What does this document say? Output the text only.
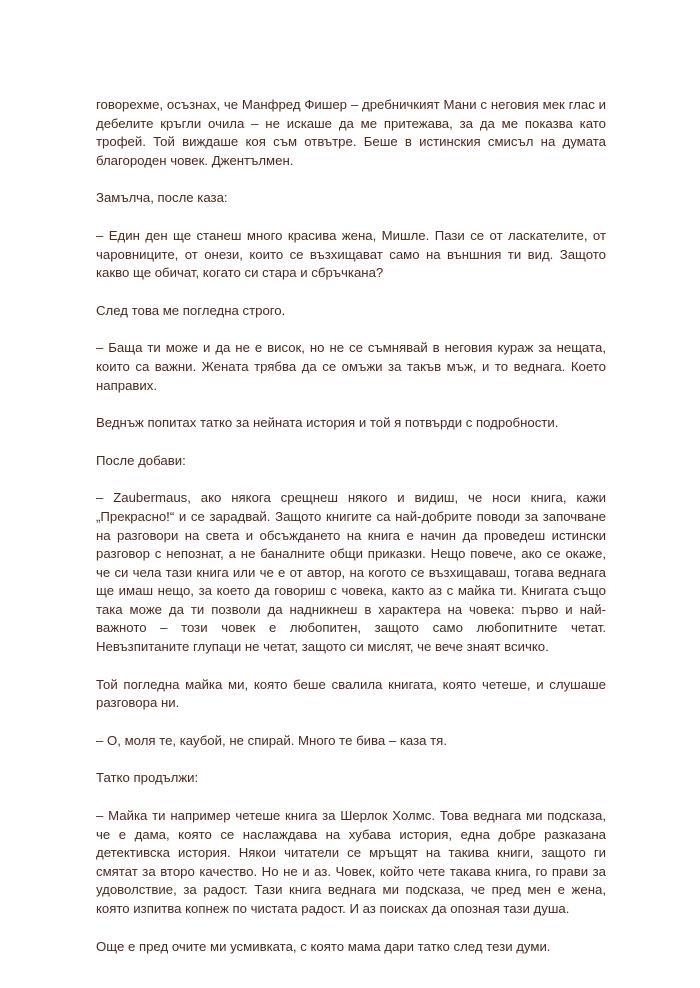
говорехме, осъзнах, че Манфред Фишер – дребничкият Мани с неговия мек глас и дебелите кръгли очила – не искаше да ме притежава, за да ме показва като трофей. Той виждаше коя съм отвътре. Беше в истинския смисъл на думата благороден човек. Джентълмен.

Замълча, после каза:

– Един ден ще станеш много красива жена, Мишле. Пази се от ласкателите, от чаровниците, от онези, които се възхищават само на външния ти вид. Защото какво ще обичат, когато си стара и сбръчкана?

След това ме погледна строго.

– Баща ти може и да не е висок, но не се съмнявай в неговия кураж за нещата, които са важни. Жената трябва да се омъжи за такъв мъж, и то веднага. Което направих.

Веднъж попитах татко за нейната история и той я потвърди с подробности.

После добави:

– Zaubermaus, ако някога срещнеш някого и видиш, че носи книга, кажи „Прекрасно!“ и се зарадвай. Защото книгите са най-добрите поводи за започване на разговори на света и обсъждането на книга е начин да проведеш истински разговор с непознат, а не баналните общи приказки. Нещо повече, ако се окаже, че си чела тази книга или че е от автор, на когото се възхищаваш, тогава веднага ще имаш нещо, за което да говориш с човека, както аз с майка ти. Книгата също така може да ти позволи да надникнеш в характера на човека: първо и най-важното – този човек е любопитен, защото само любопитните четат. Невъзпитаните глупаци не четат, защото си мислят, че вече знаят всичко.

Той погледна майка ми, която беше свалила книгата, която четеше, и слушаше разговора ни.

– О, моля те, каубой, не спирай. Много те бива – каза тя.

Татко продължи:

– Майка ти например четеше книга за Шерлок Холмс. Това веднага ми подсказа, че е дама, която се наслаждава на хубава история, една добре разказана детективска история. Някои читатели се мръщят на такива книги, защото ги смятат за второ качество. Но не и аз. Човек, който чете такава книга, го прави за удоволствие, за радост. Тази книга веднага ми подсказа, че пред мен е жена, която изпитва копнеж по чистата радост. И аз поисках да опозная тази душа.

Още е пред очите ми усмивката, с която мама дари татко след тези думи.
